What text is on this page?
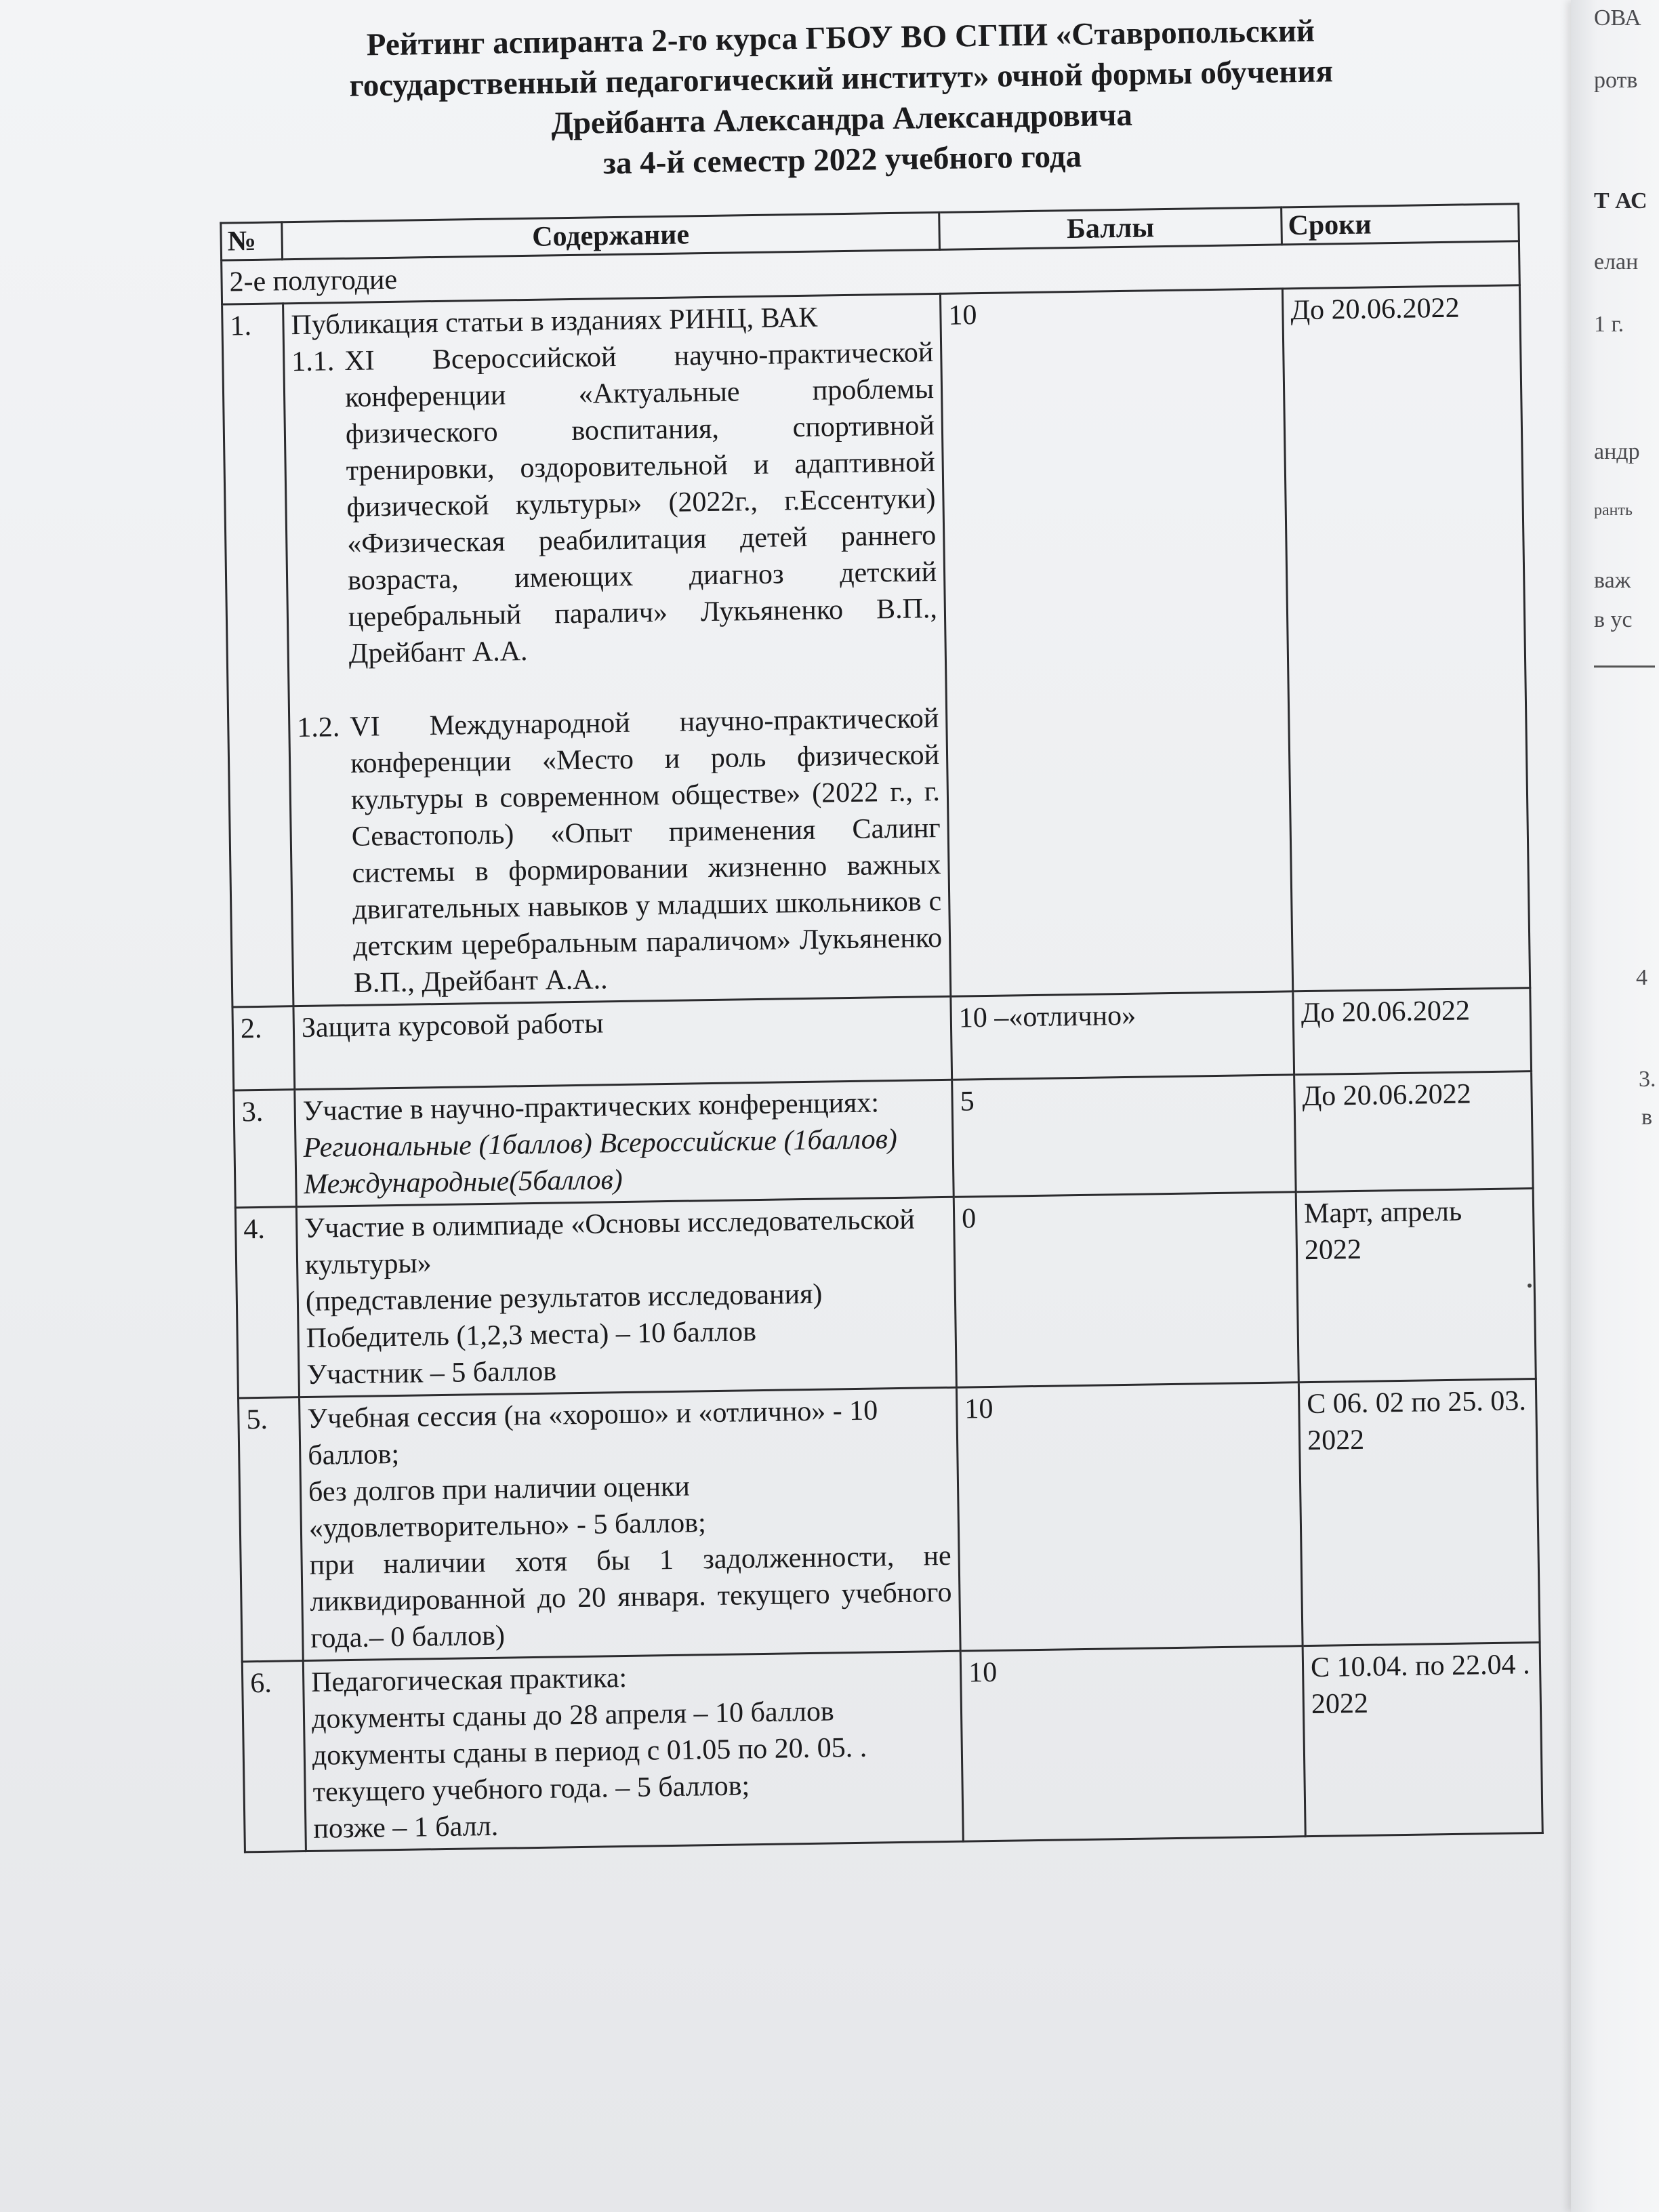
ОВА
ротв
Т АС
елан
1 г.
андр
ранть
важ
в ус
4
3.
в
Рейтинг аспиранта 2-го курса ГБОУ ВО СГПИ «Ставропольский
государственный педагогический институт» очной формы обучения
Дрейбанта Александра Александровича
за 4-й семестр 2022 учебного года
№	Содержание	Баллы	Сроки
2-е полугодие			
1.	Публикация статьи в изданиях РИНЦ, ВАК
1.1. XI Всероссийской научно-практической конференции «Актуальные проблемы физического воспитания, спортивной тренировки, оздоровительной и адаптивной физической культуры» (2022г., г.Ессентуки) «Физическая реабилитация детей раннего возраста, имеющих диагноз детский церебральный паралич» Лукьяненко В.П., Дрейбант А.А.
1.2. VI Международной научно-практической конференции «Место и роль физической культуры в современном обществе» (2022 г., г. Севастополь) «Опыт применения Салинг системы в формировании жизненно важных двигательных навыков у младших школьников с детским церебральным параличом» Лукьяненко В.П., Дрейбант А.А..	10	До 20.06.2022
2.	Защита курсовой работы	10 –«отлично»	До 20.06.2022
3.	Участие в научно-практических конференциях:
Региональные (1баллов) Всероссийские (1баллов)
Международные(5баллов)	5	До 20.06.2022
4.	Участие в олимпиаде «Основы исследовательской культуры»
(представление результатов исследования)
Победитель (1,2,3 места) – 10 баллов
Участник – 5 баллов	0	Март, апрель 2022
5.	Учебная сессия (на «хорошо» и «отлично» - 10 баллов;
без долгов при наличии оценки «удовлетворительно» - 5 баллов;
при наличии хотя бы 1 задолженности, не ликвидированной до 20 января. текущего учебного года.– 0 баллов)	10	С 06. 02 по 25. 03. 2022
6.	Педагогическая практика:
документы сданы до 28 апреля – 10 баллов
документы сданы в период с 01.05 по 20. 05. . текущего учебного года. – 5 баллов;
позже – 1 балл.	10	С 10.04. по 22.04 . 2022
